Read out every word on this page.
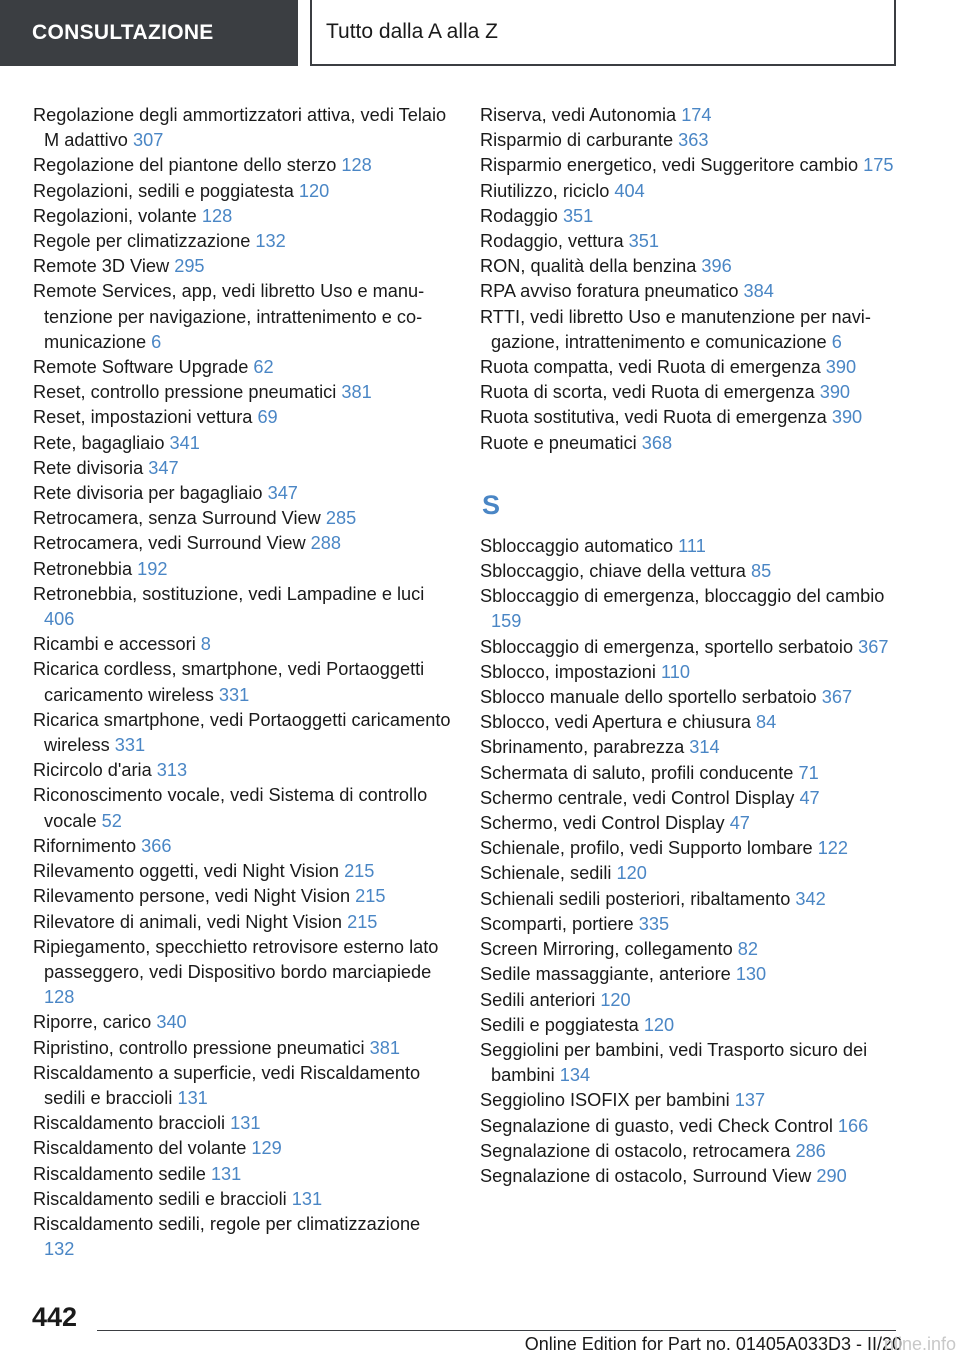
CONSULTAZIONE	Tutto dalla A alla Z
Regolazione degli ammortizzatori attiva, vedi Telaio M adattivo 307
Regolazione del piantone dello sterzo 128
Regolazioni, sedili e poggiatesta 120
Regolazioni, volante 128
Regole per climatizzazione 132
Remote 3D View 295
Remote Services, app, vedi libretto Uso e manutenzione per navigazione, intrattenimento e comunicazione 6
Remote Software Upgrade 62
Reset, controllo pressione pneumatici 381
Reset, impostazioni vettura 69
Rete, bagagliaio 341
Rete divisoria 347
Rete divisoria per bagagliaio 347
Retrocamera, senza Surround View 285
Retrocamera, vedi Surround View 288
Retronebbia 192
Retronebbia, sostituzione, vedi Lampadine e luci 406
Ricambi e accessori 8
Ricarica cordless, smartphone, vedi Portaoggetti caricamento wireless 331
Ricarica smartphone, vedi Portaoggetti caricamento wireless 331
Ricircolo d'aria 313
Riconoscimento vocale, vedi Sistema di controllo vocale 52
Rifornimento 366
Rilevamento oggetti, vedi Night Vision 215
Rilevamento persone, vedi Night Vision 215
Rilevatore di animali, vedi Night Vision 215
Ripiegamento, specchietto retrovisore esterno lato passeggero, vedi Dispositivo bordo marciapiede 128
Riporre, carico 340
Ripristino, controllo pressione pneumatici 381
Riscaldamento a superficie, vedi Riscaldamento sedili e braccioli 131
Riscaldamento braccioli 131
Riscaldamento del volante 129
Riscaldamento sedile 131
Riscaldamento sedili e braccioli 131
Riscaldamento sedili, regole per climatizzazione 132
Riserva, vedi Autonomia 174
Risparmio di carburante 363
Risparmio energetico, vedi Suggeritore cambio 175
Riutilizzo, riciclo 404
Rodaggio 351
Rodaggio, vettura 351
RON, qualità della benzina 396
RPA avviso foratura pneumatico 384
RTTI, vedi libretto Uso e manutenzione per navigazione, intrattenimento e comunicazione 6
Ruota compatta, vedi Ruota di emergenza 390
Ruota di scorta, vedi Ruota di emergenza 390
Ruota sostitutiva, vedi Ruota di emergenza 390
Ruote e pneumatici 368
S
Sbloccaggio automatico 111
Sbloccaggio, chiave della vettura 85
Sbloccaggio di emergenza, bloccaggio del cambio 159
Sbloccaggio di emergenza, sportello serbatoio 367
Sblocco, impostazioni 110
Sblocco manuale dello sportello serbatoio 367
Sblocco, vedi Apertura e chiusura 84
Sbrinamento, parabrezza 314
Schermata di saluto, profili conducente 71
Schermo centrale, vedi Control Display 47
Schermo, vedi Control Display 47
Schienale, profilo, vedi Supporto lombare 122
Schienale, sedili 120
Schienali sedili posteriori, ribaltamento 342
Scomparti, portiere 335
Screen Mirroring, collegamento 82
Sedile massaggiante, anteriore 130
Sedili anteriori 120
Sedili e poggiatesta 120
Seggiolini per bambini, vedi Trasporto sicuro dei bambini 134
Seggiolino ISOFIX per bambini 137
Segnalazione di guasto, vedi Check Control 166
Segnalazione di ostacolo, retrocamera 286
Segnalazione di ostacolo, Surround View 290
442
Online Edition for Part no. 01405A033D3 - II/20
nline.info
